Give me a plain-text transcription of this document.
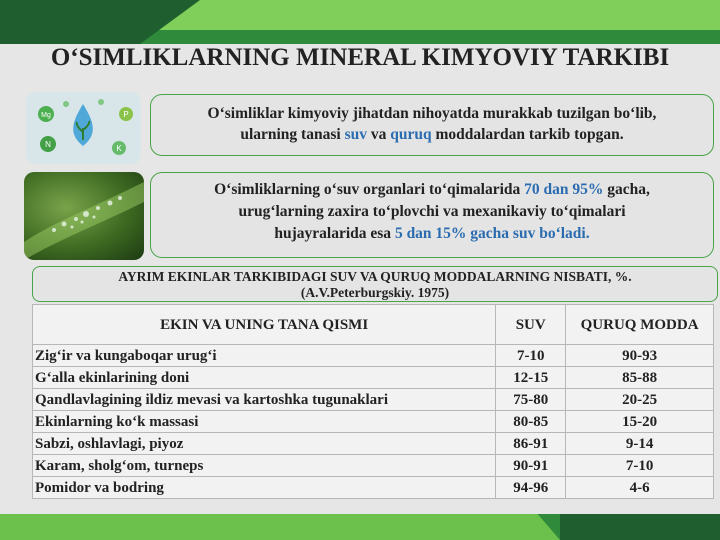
O‘SIMLIKLARNING MINERAL KIMYOVIY TARKIBI
Mg	P
N	K
O‘simliklar kimyoviy jihatdan nihoyatda murakkab tuzilgan bo‘lib,
ularning tanasi suv va quruq moddalardan tarkib topgan.
O‘simliklarning o‘suv organlari to‘qimalarida 70 dan 95% gacha,
urug‘larning zaxira to‘plovchi va mexanikaviy to‘qimalari
hujayralarida esa 5 dan 15% gacha suv bo‘ladi.
AYRIM EKINLAR TARKIBIDAGI SUV VA QURUQ MODDALARNING NISBATI, %.
(A.V.Peterburgskiy. 1975)
EKIN VA UNING TANA QISMI	SUV	QURUQ MODDA
Zig‘ir va kungaboqar urug‘i	7-10	90-93
G‘alla ekinlarining doni	12-15	85-88
Qandlavlagining ildiz mevasi va kartoshka tugunaklari	75-80	20-25
Ekinlarning ko‘k massasi	80-85	15-20
Sabzi, oshlavlagi, piyoz	86-91	9-14
Karam, sholg‘om, turneps	90-91	7-10
Pomidor va bodring	94-96	4-6
